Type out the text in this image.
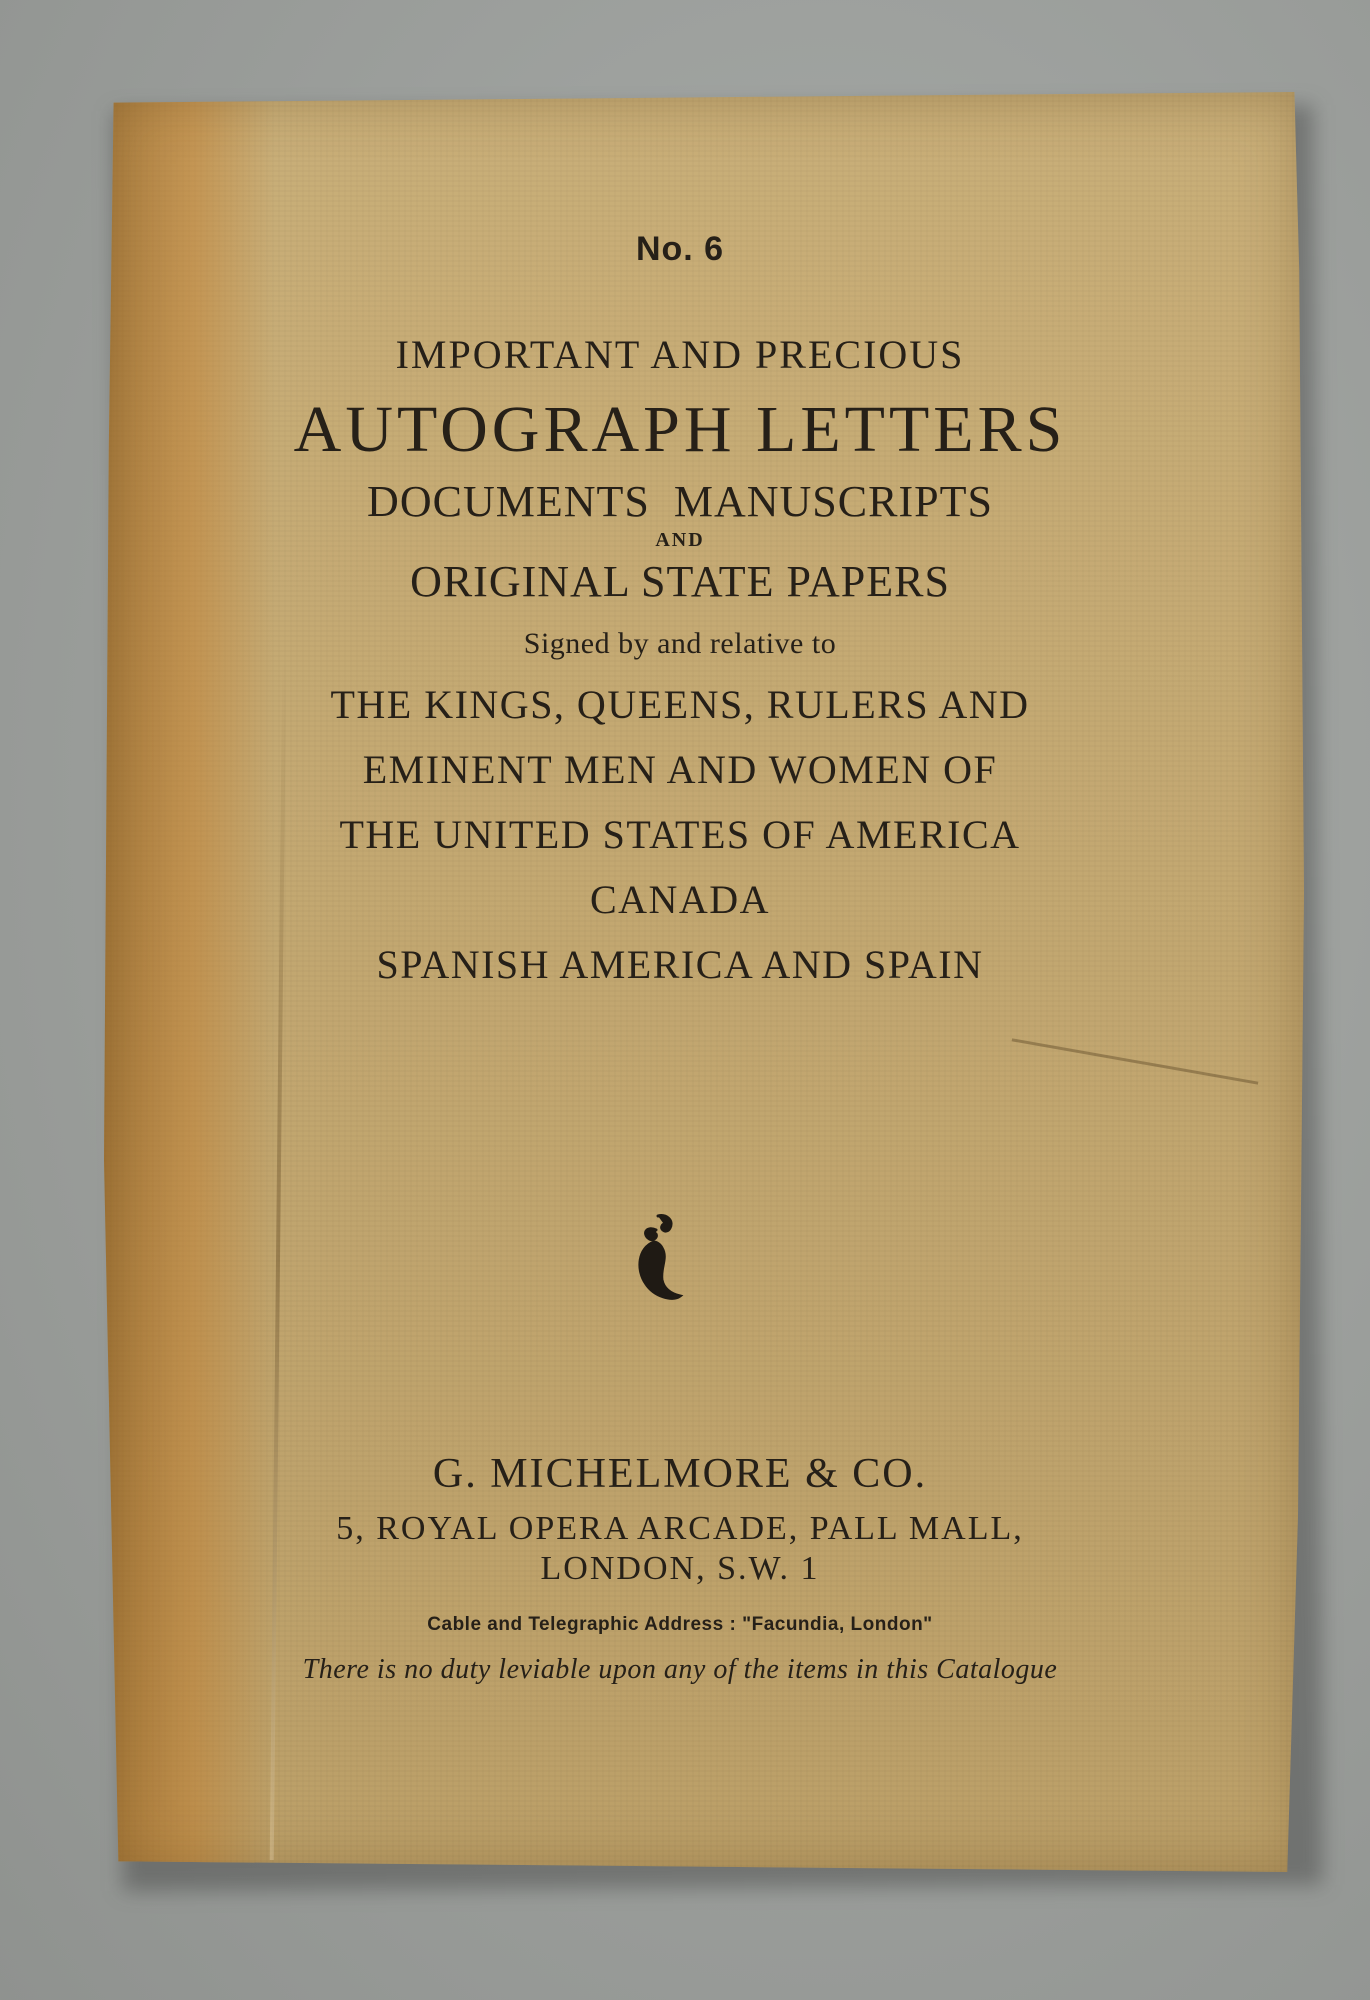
No. 6
IMPORTANT AND PRECIOUS
AUTOGRAPH LETTERS
DOCUMENTS  MANUSCRIPTS
AND
ORIGINAL STATE PAPERS
Signed by and relative to
THE KINGS, QUEENS, RULERS AND
EMINENT MEN AND WOMEN OF
THE UNITED STATES OF AMERICA
CANADA
SPANISH AMERICA AND SPAIN
G. MICHELMORE & CO.
5, ROYAL OPERA ARCADE, PALL MALL,
LONDON, S.W. 1
Cable and Telegraphic Address : "Facundia, London"
There is no duty leviable upon any of the items in this Catalogue
